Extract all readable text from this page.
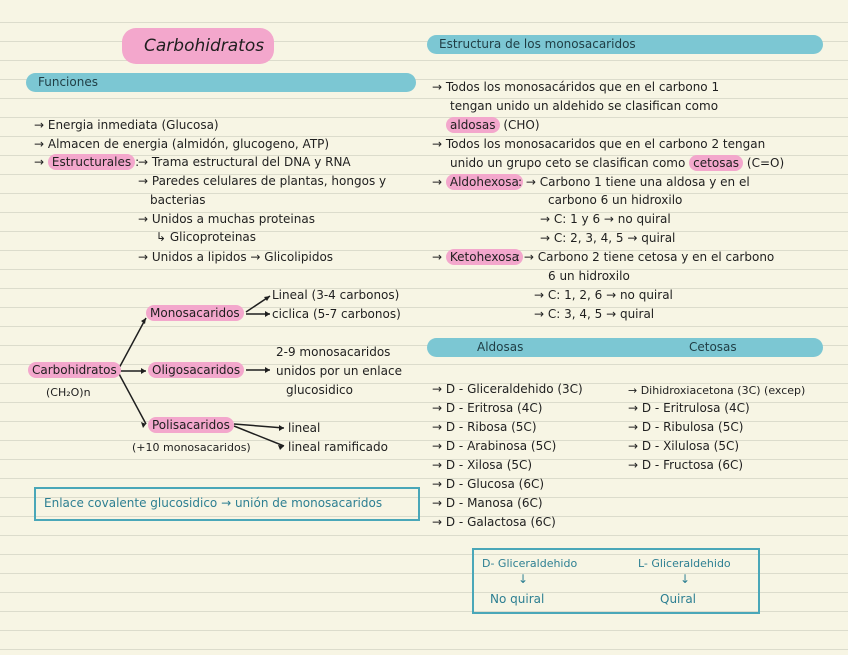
Carbohidratos
Funciones
→ Energia inmediata (Glucosa)
→ Almacen de energia (almidón, glucogeno, ATP)
→ Estructurales :
→ Trama estructural del DNA y RNA
→ Paredes celulares de plantas, hongos y
bacterias
→ Unidos a muchas proteinas
↳ Glicoproteinas
→ Unidos a lipidos → Glicolipidos
Carbohidratos
(CH₂O)n
Monosacaridos
Lineal (3-4 carbonos)
ciclica (5-7 carbonos)
Oligosacaridos
2-9 monosacaridos
unidos por un enlace
glucosidico
Polisacaridos
(+10 monosacaridos)
lineal
lineal ramificado
Enlace covalente glucosidico → unión de monosacaridos
Estructura de los monosacaridos
→ Todos los monosacáridos que en el carbono 1
tengan unido un aldehido se clasifican como
aldosas (CHO)
→ Todos los monosacaridos que en el carbono 2 tengan
unido un grupo ceto se clasifican como cetosas (C=O)
→ Aldohexosa : → Carbono 1 tiene una aldosa y en el
carbono 6 un hidroxilo
→ C: 1 y 6 → no quiral
→ C: 2, 3, 4, 5 → quiral
→ Ketohexosa
: → Carbono 2 tiene cetosa y en el carbono
6 un hidroxilo
→ C: 1, 2, 6 → no quiral
→ C: 3, 4, 5 → quiral
Aldosas	Cetosas
→ D - Gliceraldehido (3C)
→ D - Eritrosa (4C)
→ D - Ribosa (5C)
→ D - Arabinosa (5C)
→ D - Xilosa (5C)
→ D - Glucosa (6C)
→ D - Manosa (6C)
→ D - Galactosa (6C)
→ Dihidroxiacetona (3C) (excep)
→ D - Eritrulosa (4C)
→ D - Ribulosa (5C)
→ D - Xilulosa (5C)
→ D - Fructosa (6C)
D- Gliceraldehido
↓
No quiral
L- Gliceraldehido
↓
Quiral
